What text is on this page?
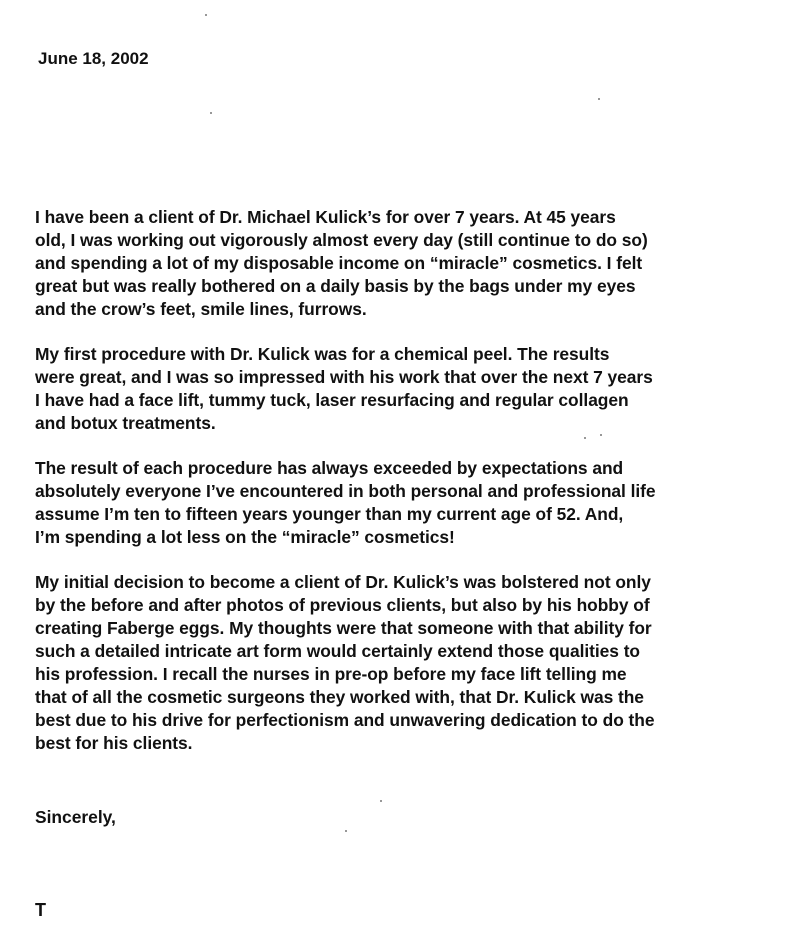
June 18, 2002

I have been a client of Dr. Michael Kulick’s for over 7 years. At 45 years
old, I was working out vigorously almost every day (still continue to do so)
and spending a lot of my disposable income on “miracle” cosmetics. I felt
great but was really bothered on a daily basis by the bags under my eyes
and the crow’s feet, smile lines, furrows.

My first procedure with Dr. Kulick was for a chemical peel. The results
were great, and I was so impressed with his work that over the next 7 years
I have had a face lift, tummy tuck, laser resurfacing and regular collagen
and botux treatments.

The result of each procedure has always exceeded by expectations and
absolutely everyone I’ve encountered in both personal and professional life
assume I’m ten to fifteen years younger than my current age of 52. And,
I’m spending a lot less on the “miracle” cosmetics!

My initial decision to become a client of Dr. Kulick’s was bolstered not only
by the before and after photos of previous clients, but also by his hobby of
creating Faberge eggs. My thoughts were that someone with that ability for
such a detailed intricate art form would certainly extend those qualities to
his profession. I recall the nurses in pre-op before my face lift telling me
that of all the cosmetic surgeons they worked with, that Dr. Kulick was the
best due to his drive for perfectionism and unwavering dedication to do the
best for his clients.

Sincerely,

T
